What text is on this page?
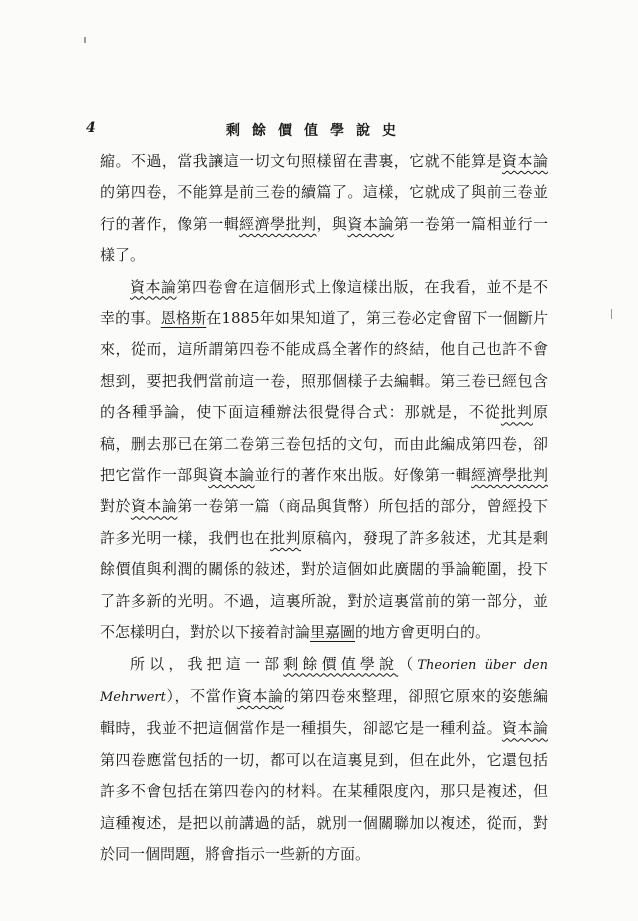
4	剩餘價值學說史

縮。不過，當我讓這一切文句照樣留在書裏，它就不能算是資本論的第四卷，不能算是前三卷的續篇了。這樣，它就成了與前三卷並行的著作，像第一輯經濟學批判，與資本論第一卷第一篇相並行一樣了。

資本論第四卷會在這個形式上像這樣出版，在我看，並不是不幸的事。恩格斯在1885年如果知道了，第三卷必定會留下一個斷片來，從而，這所謂第四卷不能成爲全著作的終結，他自己也許不會想到，要把我們當前這一卷，照那個樣子去編輯。第三卷已經包含的各種爭論，使下面這種辦法很覺得合式：那就是，不從批判原稿，删去那已在第二卷第三卷包括的文句，而由此編成第四卷，卻把它當作一部與資本論並行的著作來出版。好像第一輯經濟學批判對於資本論第一卷第一篇（商品與貨幣）所包括的部分，曾經投下許多光明一樣，我們也在批判原稿內，發現了許多敍述，尤其是剩餘價值與利潤的關係的敍述，對於這個如此廣闊的爭論範圍，投下了許多新的光明。不過，這裏所說，對於這裏當前的第一部分，並不怎樣明白，對於以下接着討論里嘉圖的地方會更明白的。

所以，我把這一部剩餘價值學說（Theorien über den Mehrwert），不當作資本論的第四卷來整理，卻照它原來的姿態編輯時，我並不把這個當作是一種損失，卻認它是一種利益。資本論第四卷應當包括的一切，都可以在這裏見到，但在此外，它還包括許多不會包括在第四卷內的材料。在某種限度內，那只是複述，但這種複述，是把以前講過的話，就別一個關聯加以複述，從而，對於同一個問題，將會指示一些新的方面。
